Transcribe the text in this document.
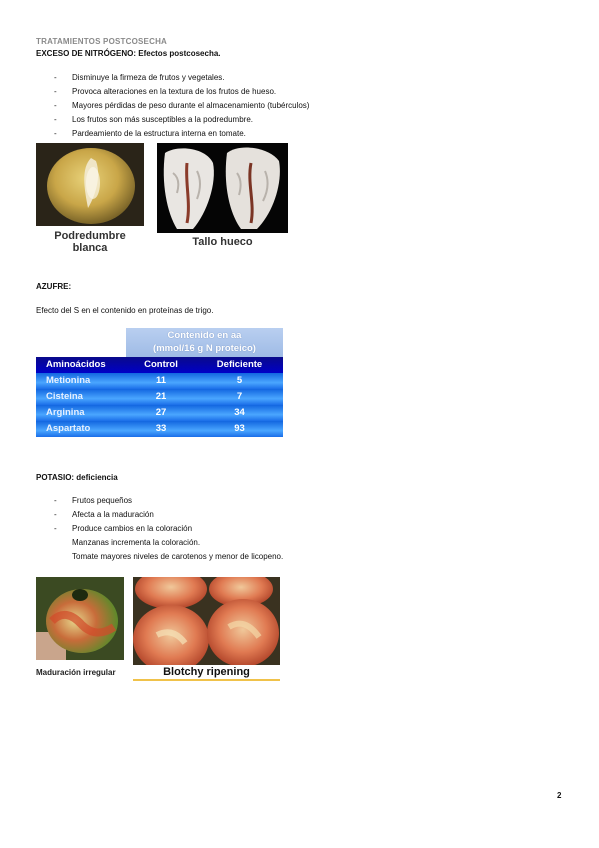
TRATAMIENTOS POSTCOSECHA
EXCESO DE NITRÓGENO: Efectos postcosecha.
- Disminuye la firmeza de frutos y vegetales.
- Provoca alteraciones en la textura de los frutos de hueso.
- Mayores pérdidas de peso durante el almacenamiento (tubérculos)
- Los frutos son más susceptibles a la podredumbre.
- Pardeamiento de la estructura interna en tomate.
Podredumbre blanca	Tallo hueco
AZUFRE:
Efecto del S en el contenido en proteínas de trigo.
Contenido en aa
(mmol/16 g N proteico)
Aminoácidos	Control	Deficiente
Metionina	11	5
Cisteina	21	7
Arginina	27	34
Aspartato	33	93
POTASIO: deficiencia
- Frutos pequeños
- Afecta a la maduración
- Produce cambios en la coloración
Manzanas incrementa la coloración.
Tomate mayores niveles de carotenos y menor de licopeno.
Maduración irregular	Blotchy ripening
2
